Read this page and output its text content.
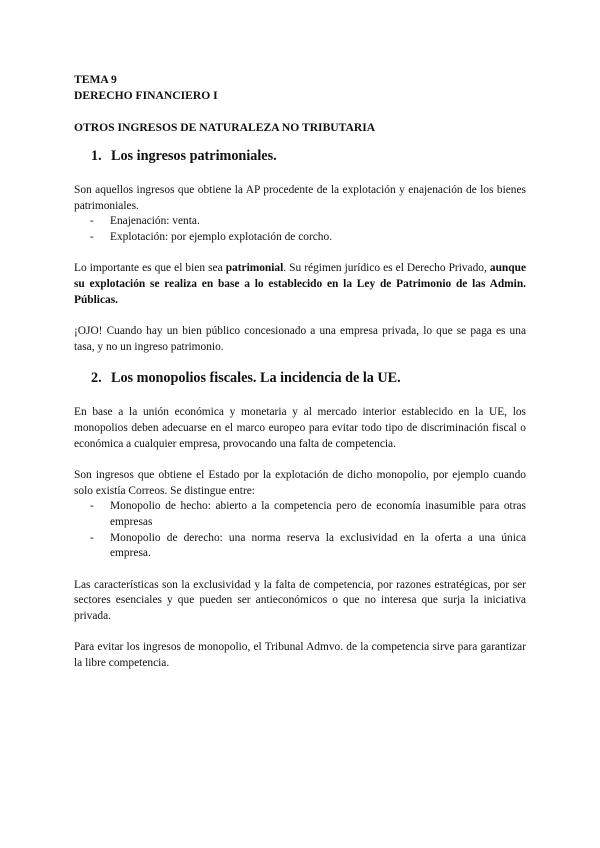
TEMA 9
DERECHO FINANCIERO I
OTROS INGRESOS DE NATURALEZA NO TRIBUTARIA
1. Los ingresos patrimoniales.

Son aquellos ingresos que obtiene la AP procedente de la explotación y enajenación de los bienes patrimoniales.

-	Enajenación: venta.
-	Explotación: por ejemplo explotación de corcho.

Lo importante es que el bien sea patrimonial. Su régimen jurídico es el Derecho Privado, aunque su explotación se realiza en base a lo establecido en la Ley de Patrimonio de las Admin. Públicas.

¡OJO! Cuando hay un bien público concesionado a una empresa privada, lo que se paga es una tasa, y no un ingreso patrimonio.

2. Los monopolios fiscales. La incidencia de la UE.

En base a la unión económica y monetaria y al mercado interior establecido en la UE, los monopolios deben adecuarse en el marco europeo para evitar todo tipo de discriminación fiscal o económica a cualquier empresa, provocando una falta de competencia.

Son ingresos que obtiene el Estado por la explotación de dicho monopolio, por ejemplo cuando solo existía Correos. Se distingue entre:

-	Monopolio de hecho: abierto a la competencia pero de economía inasumible para otras empresas
-	Monopolio de derecho: una norma reserva la exclusividad en la oferta a una única empresa.

Las características son la exclusividad y la falta de competencia, por razones estratégicas, por ser sectores esenciales y que pueden ser antieconómicos o que no interesa que surja la iniciativa privada.

Para evitar los ingresos de monopolio, el Tribunal Admvo. de la competencia sirve para garantizar la libre competencia.
